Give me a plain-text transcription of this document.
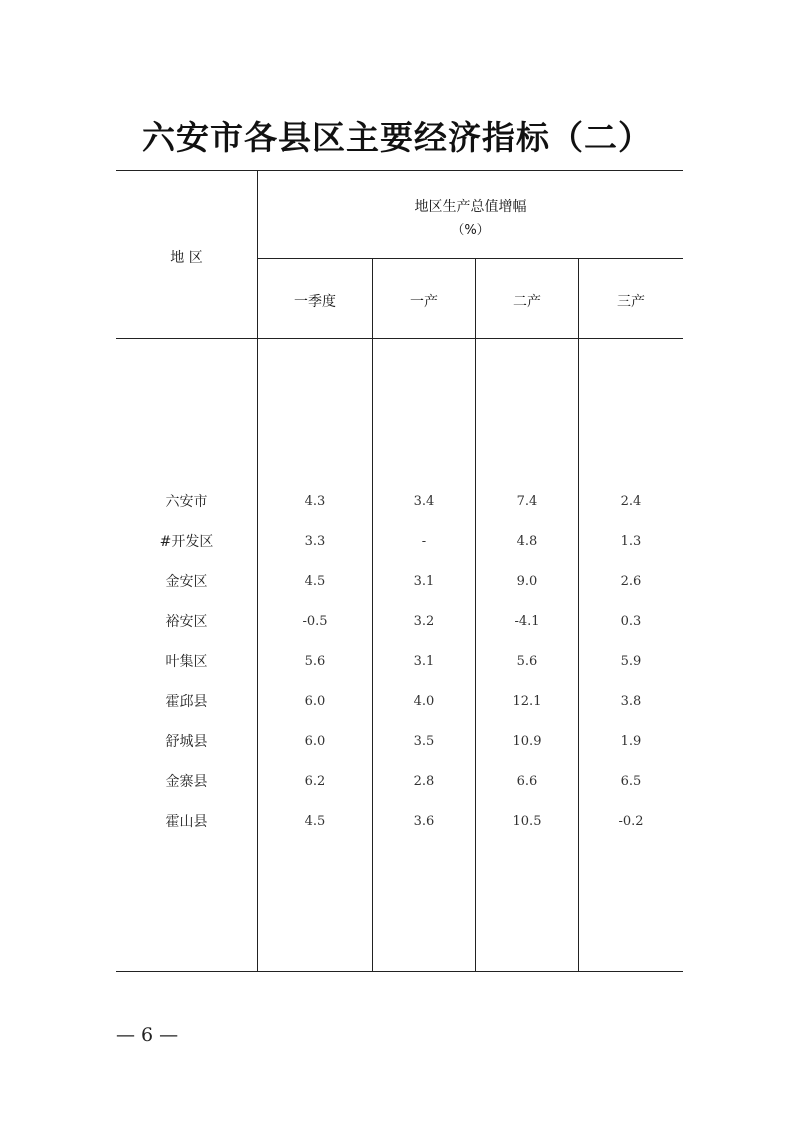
六安市各县区主要经济指标（二）
地 区
地区生产总值增幅
（%）
一季度	一产	二产	三产
六安市	4.3	3.4	7.4	2.4
#开发区	3.3	-	4.8	1.3
金安区	4.5	3.1	9.0	2.6
裕安区	-0.5	3.2	-4.1	0.3
叶集区	5.6	3.1	5.6	5.9
霍邱县	6.0	4.0	12.1	3.8
舒城县	6.0	3.5	10.9	1.9
金寨县	6.2	2.8	6.6	6.5
霍山县	4.5	3.6	10.5	-0.2
— 6 —
